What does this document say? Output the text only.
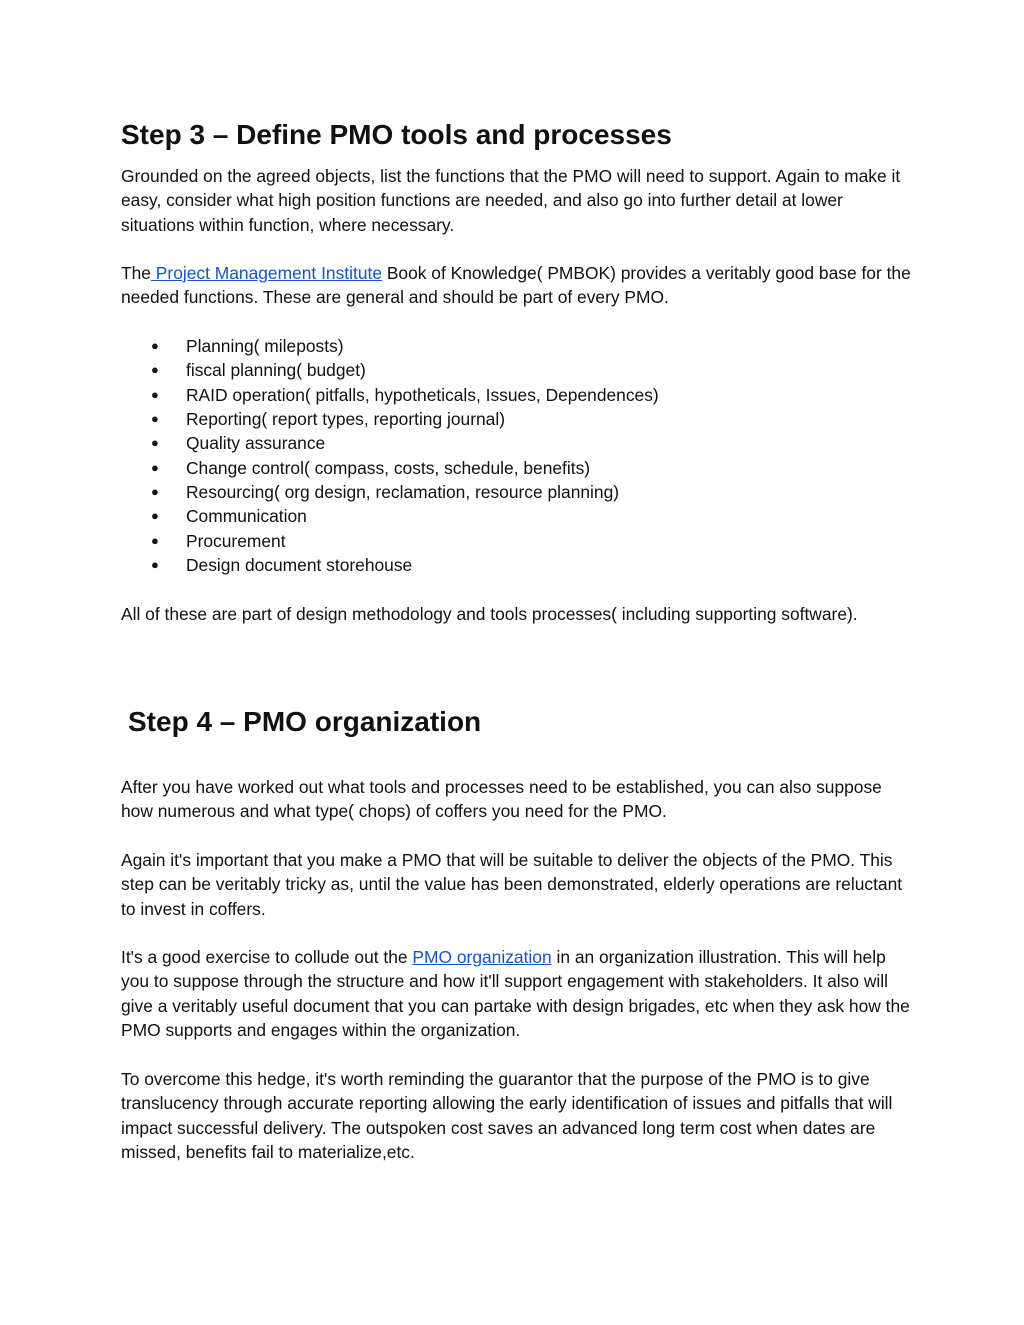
Step 3 – Define PMO tools and processes

Grounded on the agreed objects, list the functions that the PMO will need to support. Again to make it easy, consider what high position functions are needed, and also go into further detail at lower situations within function, where necessary.

The Project Management Institute Book of Knowledge( PMBOK) provides a veritably good base for the needed functions. These are general and should be part of every PMO.

● Planning( mileposts)
● fiscal planning( budget)
● RAID operation( pitfalls, hypotheticals, Issues, Dependences)
● Reporting( report types, reporting journal)
● Quality assurance
● Change control( compass, costs, schedule, benefits)
● Resourcing( org design, reclamation, resource planning)
● Communication
● Procurement
● Design document storehouse

All of these are part of design methodology and tools processes( including supporting software).

Step 4 – PMO organization

After you have worked out what tools and processes need to be established, you can also suppose how numerous and what type( chops) of coffers you need for the PMO.

Again it's important that you make a PMO that will be suitable to deliver the objects of the PMO. This step can be veritably tricky as, until the value has been demonstrated, elderly operations are reluctant to invest in coffers.

It's a good exercise to collude out the PMO organization in an organization illustration. This will help you to suppose through the structure and how it'll support engagement with stakeholders. It also will give a veritably useful document that you can partake with design brigades, etc when they ask how the PMO supports and engages within the organization.

To overcome this hedge, it's worth reminding the guarantor that the purpose of the PMO is to give translucency through accurate reporting allowing the early identification of issues and pitfalls that will impact successful delivery. The outspoken cost saves an advanced long term cost when dates are missed, benefits fail to materialize,etc.
